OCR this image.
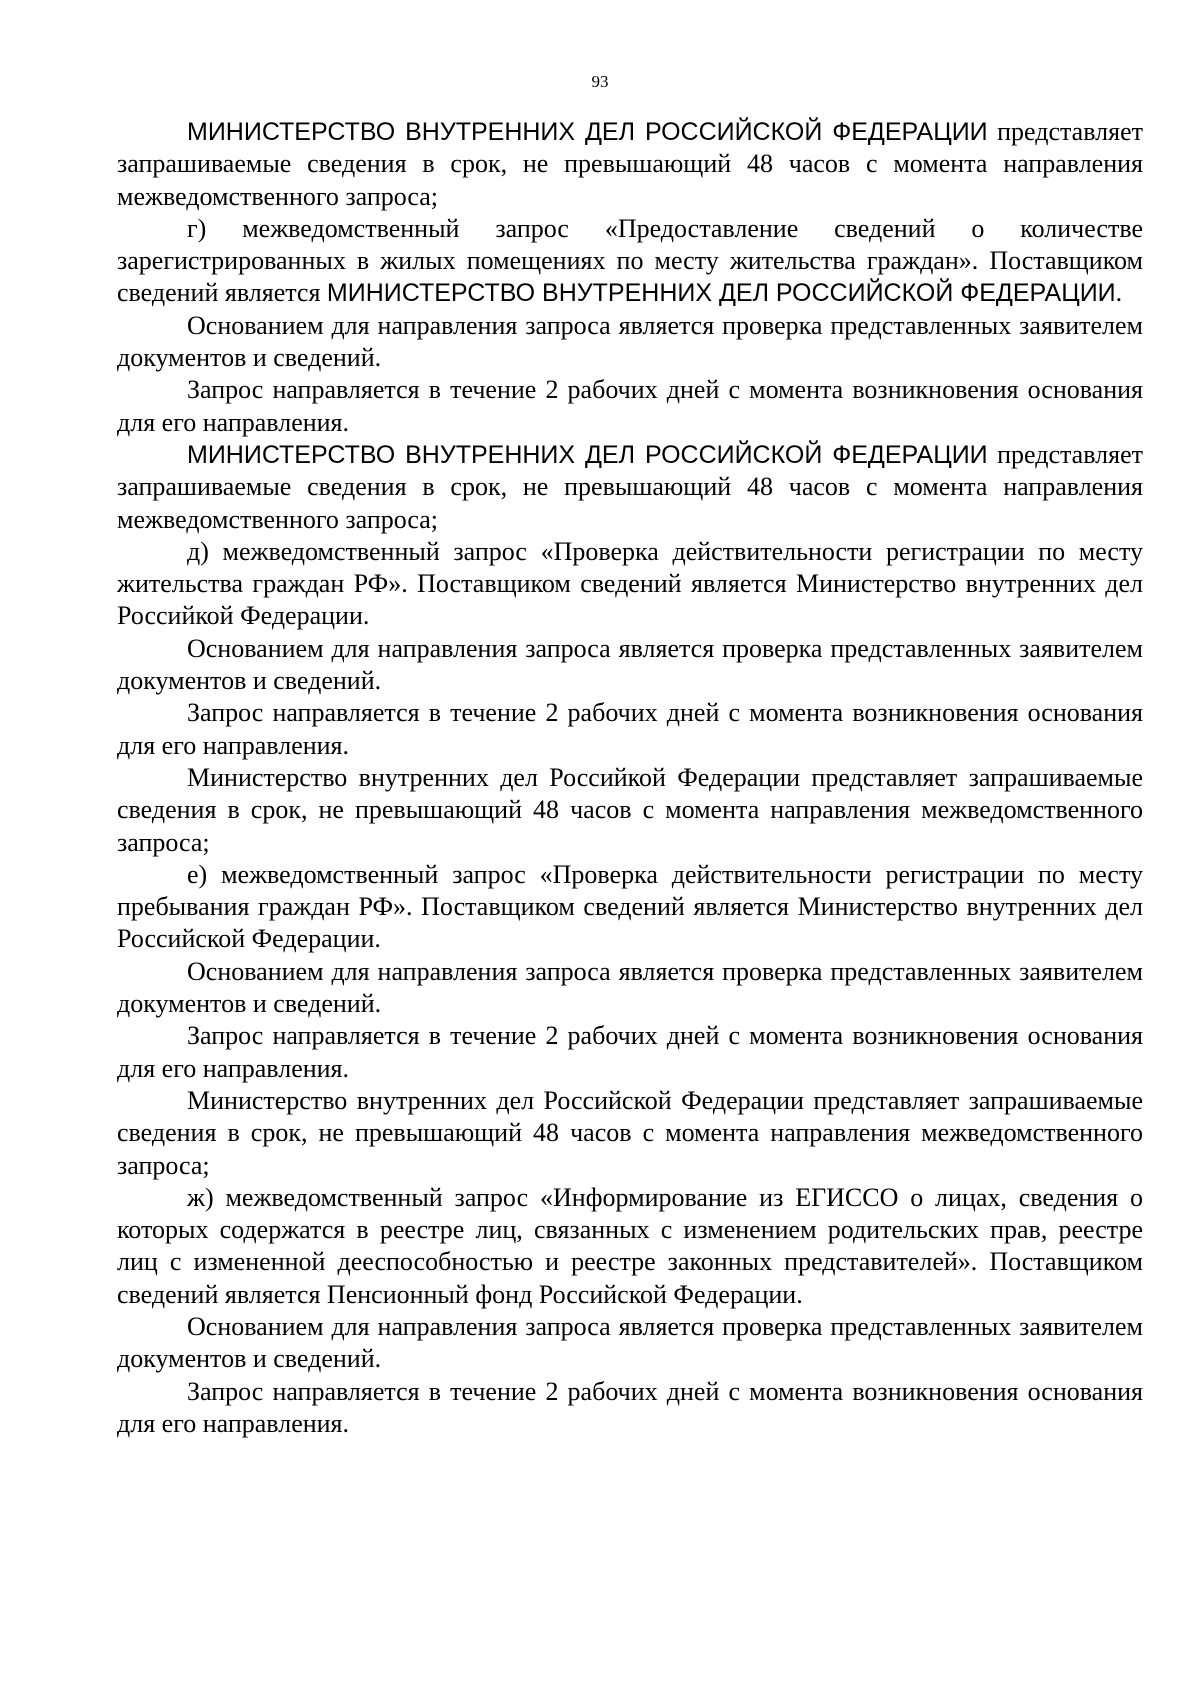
93

МИНИСТЕРСТВО ВНУТРЕННИХ ДЕЛ РОССИЙСКОЙ ФЕДЕРАЦИИ представляет запрашиваемые сведения в срок, не превышающий 48 часов с момента направления межведомственного запроса;

г) межведомственный запрос «Предоставление сведений о количестве зарегистрированных в жилых помещениях по месту жительства граждан». Поставщиком сведений является МИНИСТЕРСТВО ВНУТРЕННИХ ДЕЛ РОССИЙСКОЙ ФЕДЕРАЦИИ.

Основанием для направления запроса является проверка представленных заявителем документов и сведений.

Запрос направляется в течение 2 рабочих дней с момента возникновения основания для его направления.

МИНИСТЕРСТВО ВНУТРЕННИХ ДЕЛ РОССИЙСКОЙ ФЕДЕРАЦИИ представляет запрашиваемые сведения в срок, не превышающий 48 часов с момента направления межведомственного запроса;

д) межведомственный запрос «Проверка действительности регистрации по месту жительства граждан РФ». Поставщиком сведений является Министерство внутренних дел Российкой Федерации.

Основанием для направления запроса является проверка представленных заявителем документов и сведений.

Запрос направляется в течение 2 рабочих дней с момента возникновения основания для его направления.

Министерство внутренних дел Российкой Федерации представляет запрашиваемые сведения в срок, не превышающий 48 часов с момента направления межведомственного запроса;

е) межведомственный запрос «Проверка действительности регистрации по месту пребывания граждан РФ». Поставщиком сведений является Министерство внутренних дел Российской Федерации.

Основанием для направления запроса является проверка представленных заявителем документов и сведений.

Запрос направляется в течение 2 рабочих дней с момента возникновения основания для его направления.

Министерство внутренних дел Российской Федерации представляет запрашиваемые сведения в срок, не превышающий 48 часов с момента направления межведомственного запроса;

ж) межведомственный запрос «Информирование из ЕГИССО о лицах, сведения о которых содержатся в реестре лиц, связанных с изменением родительских прав, реестре лиц с измененной дееспособностью и реестре законных представителей». Поставщиком сведений является Пенсионный фонд Российской Федерации.

Основанием для направления запроса является проверка представленных заявителем документов и сведений.

Запрос направляется в течение 2 рабочих дней с момента возникновения основания для его направления.
